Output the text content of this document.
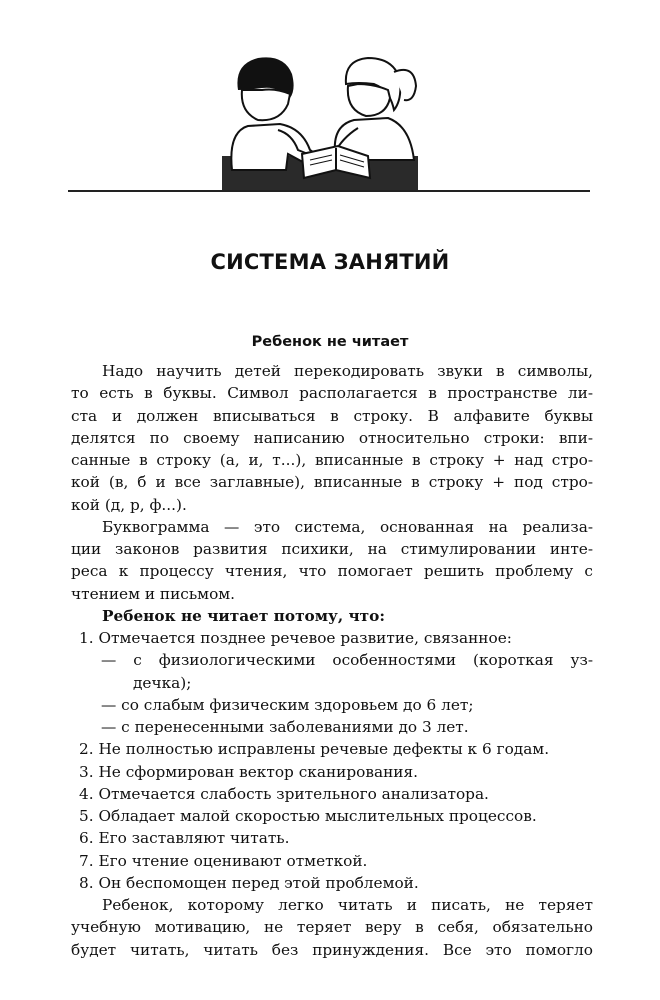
СИСТЕМА ЗАНЯТИЙ
Ребенок не читает
Надо научить детей перекодировать звуки в символы,
то есть в буквы. Символ располагается в пространстве ли-
ста и должен вписываться в строку. В алфавите буквы
делятся по своему написанию относительно строки: впи-
санные в строку (а, и, т...), вписанные в строку + над стро-
кой (в, б и все заглавные), вписанные в строку + под стро-
кой (д, р, ф...).
Буквограмма — это система, основанная на реализа-
ции законов развития психики, на стимулировании инте-
реса к процессу чтения, что помогает решить проблему с
чтением и письмом.
Ребенок не читает потому, что:
1. Отмечается позднее речевое развитие, связанное:
— с физиологическими особенностями (короткая уз-
дечка);
— со слабым физическим здоровьем до 6 лет;
— с перенесенными заболеваниями до 3 лет.
2. Не полностью исправлены речевые дефекты к 6 годам.
3. Не сформирован вектор сканирования.
4. Отмечается слабость зрительного анализатора.
5. Обладает малой скоростью мыслительных процессов.
6. Его заставляют читать.
7. Его чтение оценивают отметкой.
8. Он беспомощен перед этой проблемой.
Ребенок, которому легко читать и писать, не теряет
учебную мотивацию, не теряет веру в себя, обязательно
будет читать, читать без принуждения. Все это помогло
